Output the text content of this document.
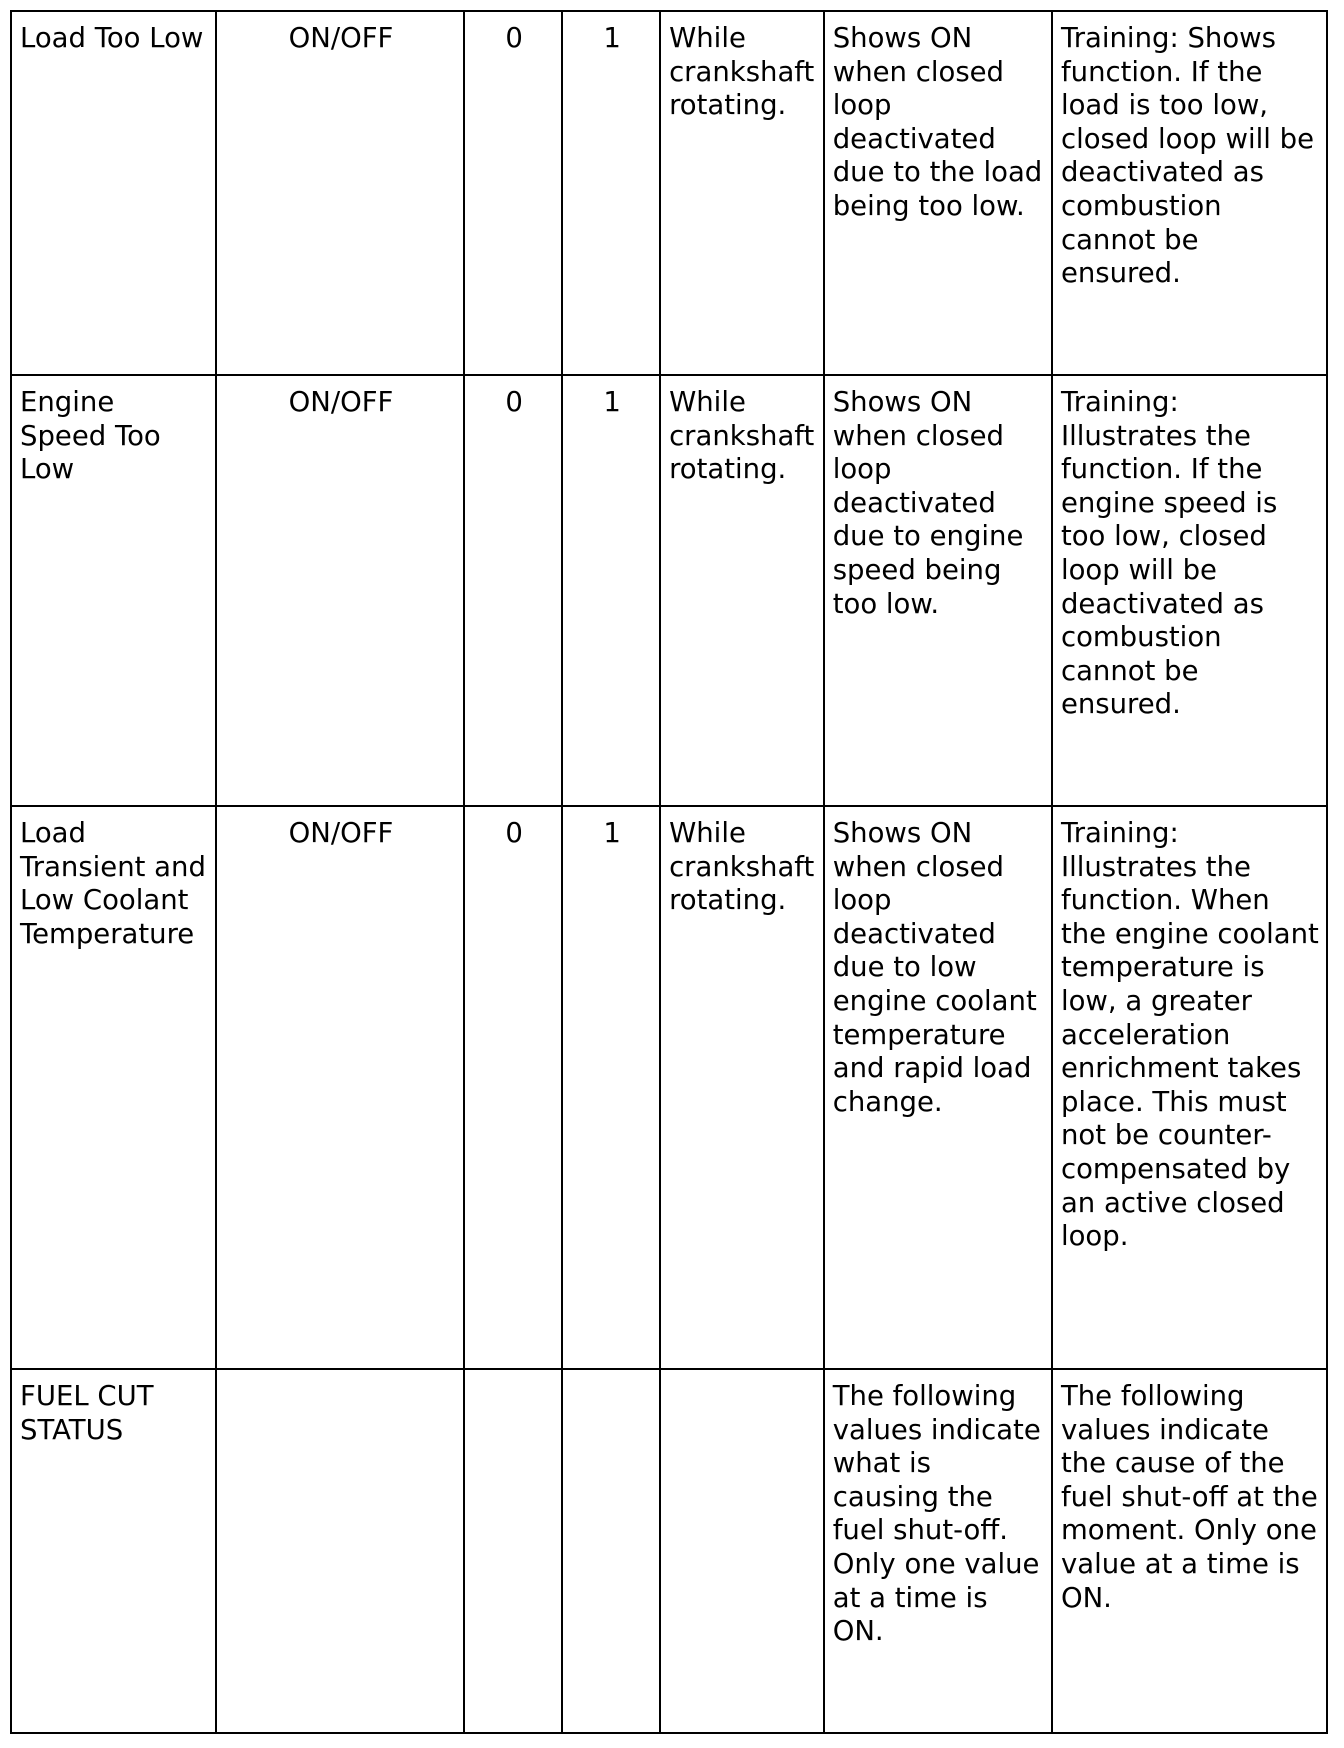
Load Too Low	ON/OFF	0	1	While crankshaft rotating.	Shows ON when closed loop deactivated due to the load being too low.	Training: Shows function. If the load is too low, closed loop will be deactivated as combustion cannot be ensured.

Engine Speed Too Low	ON/OFF	0	1	While crankshaft rotating.	Shows ON when closed loop deactivated due to engine speed being too low.	Training: Illustrates the function. If the engine speed is too low, closed loop will be deactivated as combustion cannot be ensured.

Load Transient and Low Coolant Temperature	ON/OFF	0	1	While crankshaft rotating.	Shows ON when closed loop deactivated due to low engine coolant temperature and rapid load change.	Training: Illustrates the function. When the engine coolant temperature is low, a greater acceleration enrichment takes place. This must not be counter-compensated by an active closed loop.

FUEL CUT STATUS					The following values indicate what is causing the fuel shut-off. Only one value at a time is ON.	The following values indicate the cause of the fuel shut-off at the moment. Only one value at a time is ON.
